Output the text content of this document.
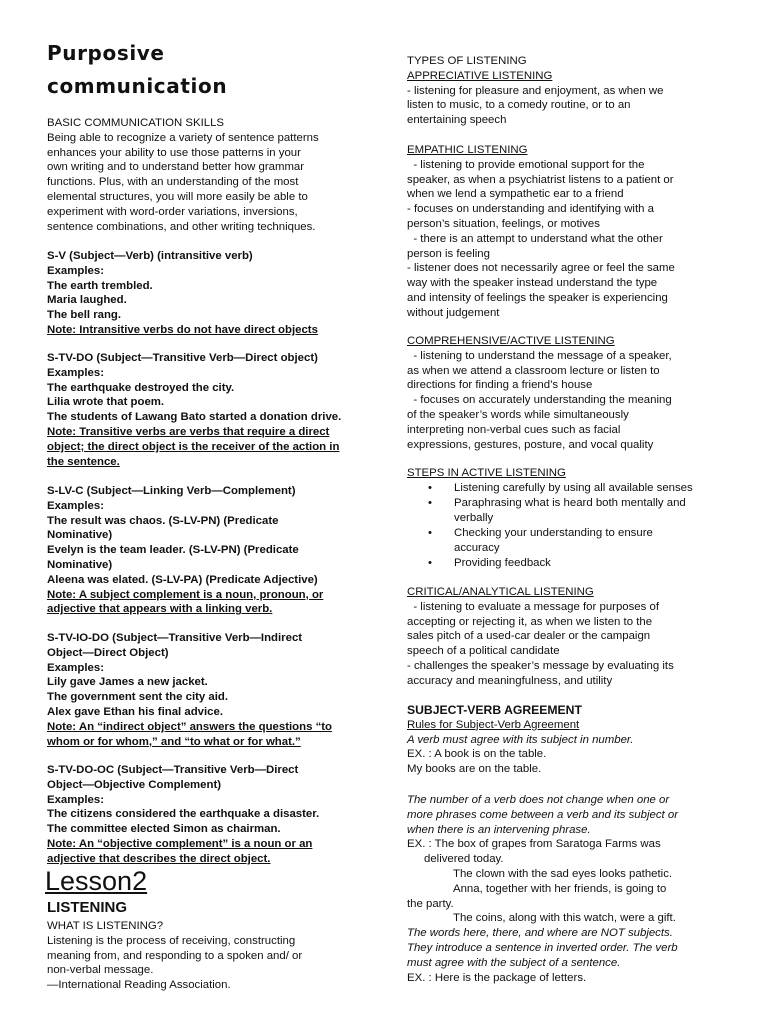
Purposive
communication

BASIC COMMUNICATION SKILLS

Being able to recognize a variety of sentence patterns

enhances your ability to use those patterns in your

own writing and to understand better how grammar

functions. Plus, with an understanding of the most

elemental structures, you will more easily be able to

experiment with word-order variations, inversions,

sentence combinations, and other writing techniques.

S-V (Subject—Verb) (intransitive verb)

Examples:

The earth trembled.

Maria laughed.

The bell rang.

Note: Intransitive verbs do not have direct objects

S-TV-DO (Subject—Transitive Verb—Direct object)

Examples:

The earthquake destroyed the city.

Lilia wrote that poem.

The students of Lawang Bato started a donation drive.

Note: Transitive verbs are verbs that require a direct

object; the direct object is the receiver of the action in

the sentence.

S-LV-C (Subject—Linking Verb—Complement)

Examples:

The result was chaos. (S-LV-PN) (Predicate

Nominative)

Evelyn is the team leader. (S-LV-PN) (Predicate

Nominative)

Aleena was elated. (S-LV-PA) (Predicate Adjective)

Note: A subject complement is a noun, pronoun, or

adjective that appears with a linking verb.

S-TV-IO-DO (Subject—Transitive Verb—Indirect

Object—Direct Object)

Examples:

Lily gave James a new jacket.

The government sent the city aid.

Alex gave Ethan his final advice.

Note: An “indirect object” answers the questions “to

whom or for whom,” and “to what or for what.”

S-TV-DO-OC (Subject—Transitive Verb—Direct

Object—Objective Complement)

Examples:

The citizens considered the earthquake a disaster.

The committee elected Simon as chairman.

Note: An “objective complement” is a noun or an

adjective that describes the direct object.

Lesson2
LISTENING

WHAT IS LISTENING?

Listening is the process of receiving, constructing

meaning from, and responding to a spoken and/ or

non-verbal message.

—International Reading Association.

TYPES OF LISTENING

APPRECIATIVE LISTENING

- listening for pleasure and enjoyment, as when we

listen to music, to a comedy routine, or to an

entertaining speech

EMPATHIC LISTENING

- listening to provide emotional support for the

speaker, as when a psychiatrist listens to a patient or

when we lend a sympathetic ear to a friend

- focuses on understanding and identifying with a

person’s situation, feelings, or motives

- there is an attempt to understand what the other

person is feeling

- listener does not necessarily agree or feel the same

way with the speaker instead understand the type

and intensity of feelings the speaker is experiencing

without judgement

COMPREHENSIVE/ACTIVE LISTENING

- listening to understand the message of a speaker,

as when we attend a classroom lecture or listen to

directions for finding a friend’s house

- focuses on accurately understanding the meaning

of the speaker’s words while simultaneously

interpreting non-verbal cues such as facial

expressions, gestures, posture, and vocal quality

STEPS IN ACTIVE LISTENING

• Listening carefully by using all available senses
• Paraphrasing what is heard both mentally and
verbally
• Checking your understanding to ensure
accuracy
• Providing feedback

CRITICAL/ANALYTICAL LISTENING

- listening to evaluate a message for purposes of

accepting or rejecting it, as when we listen to the

sales pitch of a used-car dealer or the campaign

speech of a political candidate

- challenges the speaker’s message by evaluating its

accuracy and meaningfulness, and utility

SUBJECT-VERB AGREEMENT

Rules for Subject-Verb Agreement

A verb must agree with its subject in number.

EX. : A book is on the table.

My books are on the table.

The number of a verb does not change when one or

more phrases come between a verb and its subject or

when there is an intervening phrase.

EX. : The box of grapes from Saratoga Farms was

delivered today.

The clown with the sad eyes looks pathetic.

Anna, together with her friends, is going to

the party.

The coins, along with this watch, were a gift.

The words here, there, and where are NOT subjects.

They introduce a sentence in inverted order. The verb

must agree with the subject of a sentence.

EX. : Here is the package of letters.
